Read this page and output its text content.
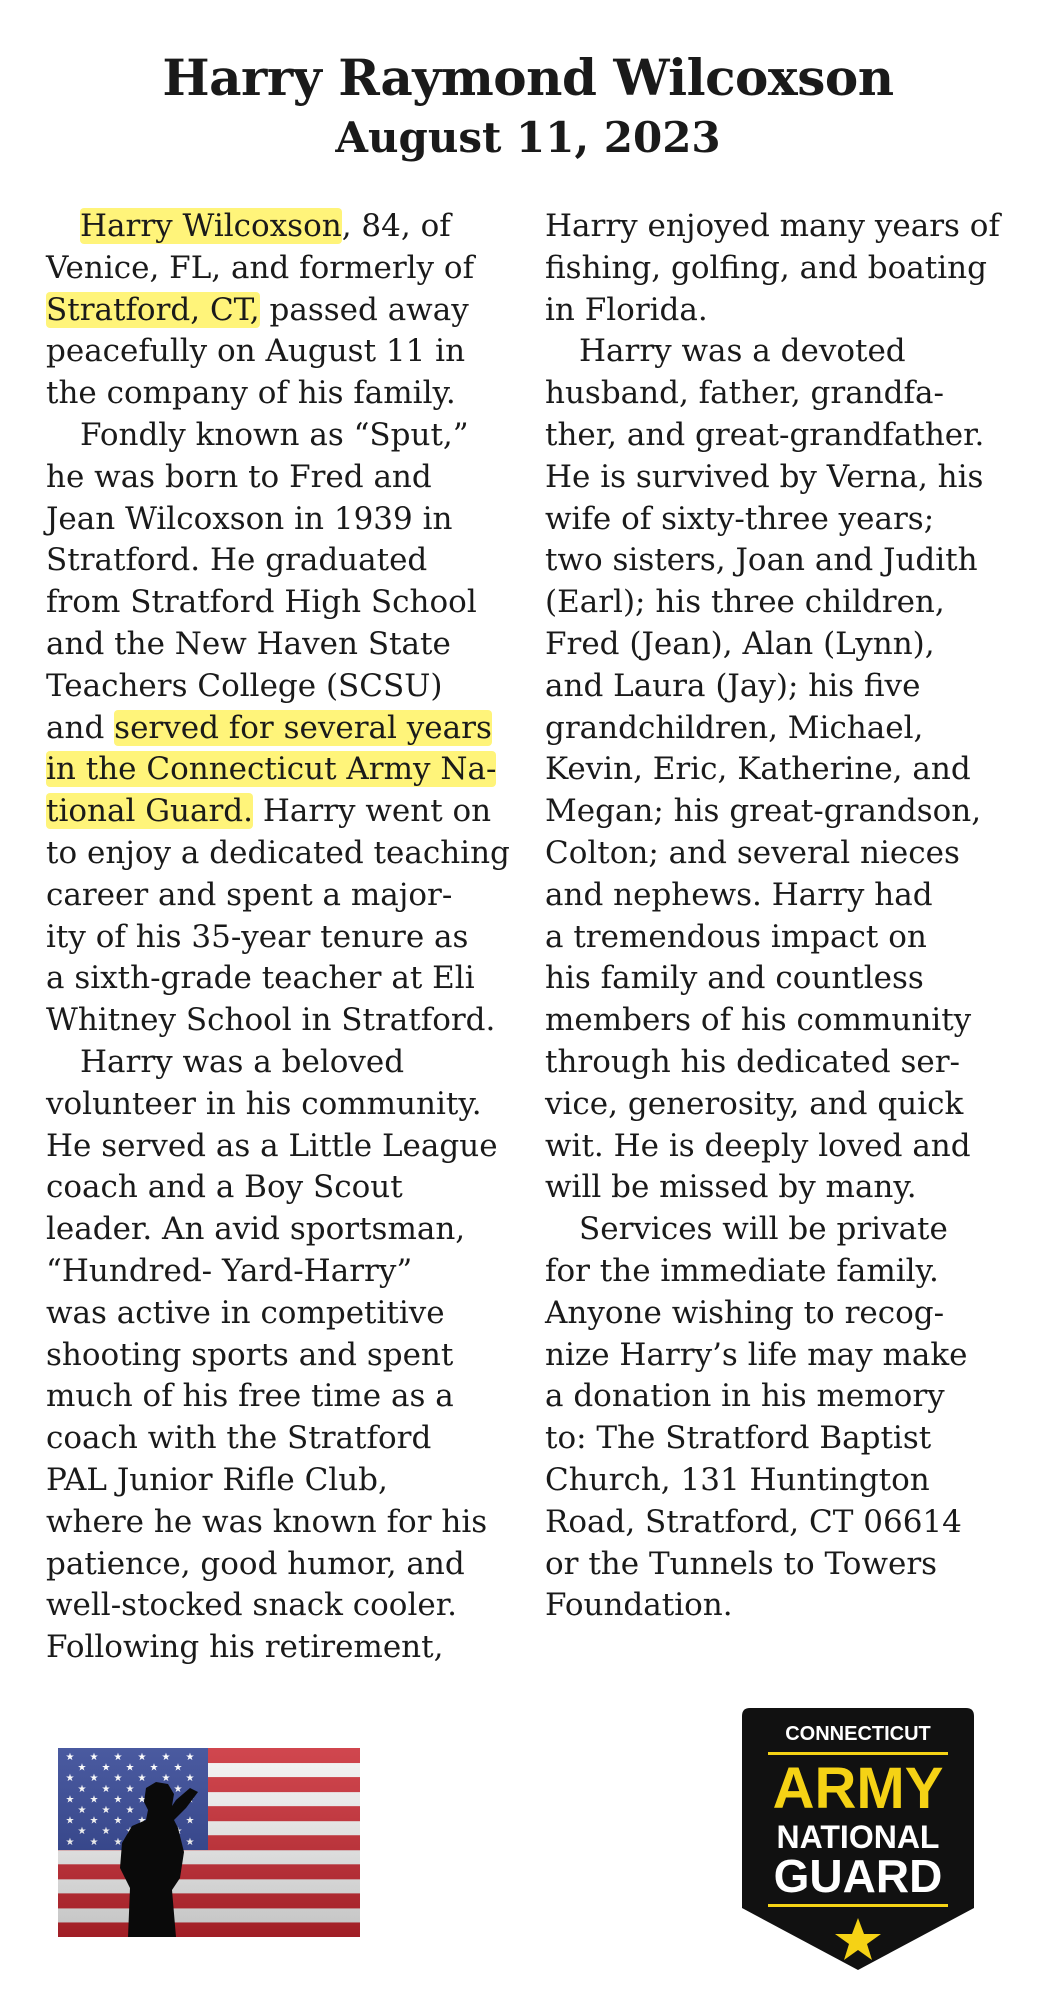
Harry Raymond Wilcoxson
August 11, 2023

Harry Wilcoxson, 84, of

Venice, FL, and formerly of

Stratford, CT, passed away

peacefully on August 11 in

the company of his family.

Fondly known as “Sput,”

he was born to Fred and

Jean Wilcoxson in 1939 in

Stratford. He graduated

from Stratford High School

and the New Haven State

Teachers College (SCSU)

and served for several years

in the Connecticut Army Na-

tional Guard. Harry went on

to enjoy a dedicated teaching

career and spent a major-

ity of his 35-year tenure as

a sixth-grade teacher at Eli

Whitney School in Stratford.

Harry was a beloved

volunteer in his community.

He served as a Little League

coach and a Boy Scout

leader. An avid sportsman,

“Hundred- Yard-Harry”

was active in competitive

shooting sports and spent

much of his free time as a

coach with the Stratford

PAL Junior Rifle Club,

where he was known for his

patience, good humor, and

well-stocked snack cooler.

Following his retirement,

Harry enjoyed many years of

fishing, golfing, and boating

in Florida.

Harry was a devoted

husband, father, grandfa-

ther, and great-grandfather.

He is survived by Verna, his

wife of sixty-three years;

two sisters, Joan and Judith

(Earl); his three children,

Fred (Jean), Alan (Lynn),

and Laura (Jay); his five

grandchildren, Michael,

Kevin, Eric, Katherine, and

Megan; his great-grandson,

Colton; and several nieces

and nephews. Harry had

a tremendous impact on

his family and countless

members of his community

through his dedicated ser-

vice, generosity, and quick

wit. He is deeply loved and

will be missed by many.

Services will be private

for the immediate family.

Anyone wishing to recog-

nize Harry’s life may make

a donation in his memory

to: The Stratford Baptist

Church, 131 Huntington

Road, Stratford, CT 06614

or the Tunnels to Towers

Foundation.

CONNECTICUT
ARMY
NATIONAL
GUARD
